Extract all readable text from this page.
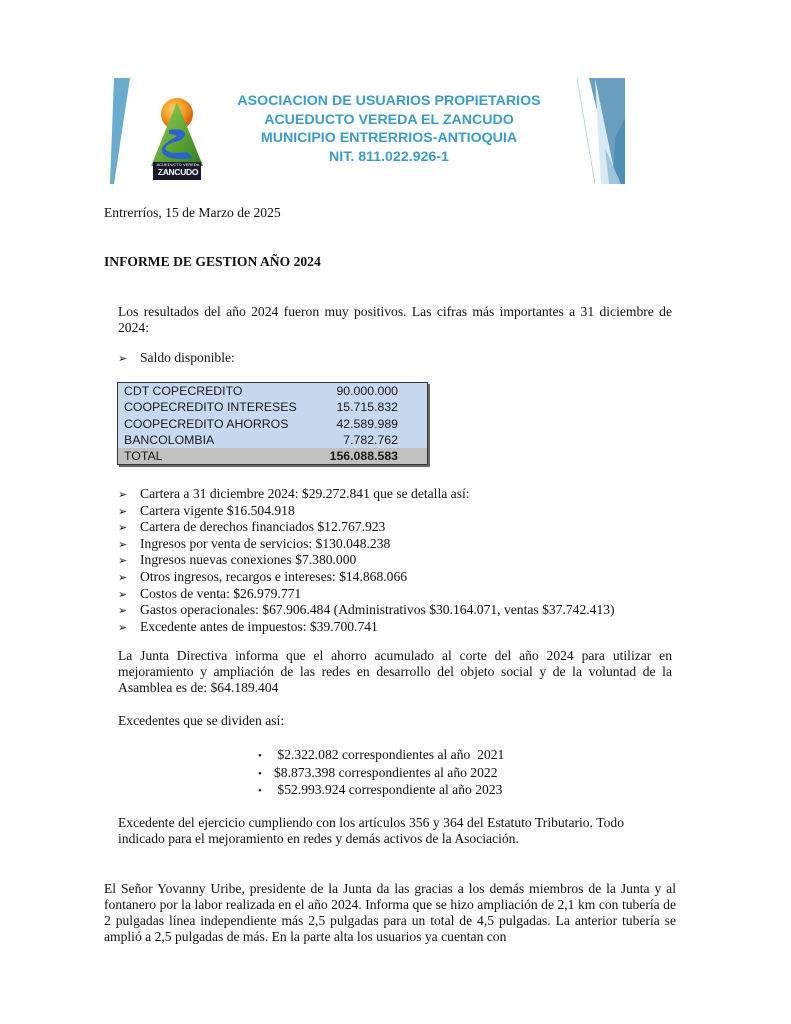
ACUEDUCTO VEREDA
ZANCUDO
ASOCIACION DE USUARIOS PROPIETARIOS
ACUEDUCTO VEREDA EL ZANCUDO
MUNICIPIO ENTRERRIOS-ANTIOQUIA
NIT. 811.022.926-1
Entrerríos, 15 de Marzo de 2025
INFORME DE GESTION AÑO 2024
Los resultados del año 2024 fueron muy positivos. Las cifras más importantes a 31 diciembre de 2024:
➢ Saldo disponible:
CDT COPECREDITO	90.000.000
COOPECREDITO INTERESES	15.715.832
COOPECREDITO AHORROS	42.589.989
BANCOLOMBIA	7.782.762
TOTAL	156.088.583
➢ Cartera a 31 diciembre 2024: $29.272.841 que se detalla así:
➢ Cartera vigente $16.504.918
➢ Cartera de derechos financiados $12.767.923
➢ Ingresos por venta de servicios: $130.048.238
➢ Ingresos nuevas conexiones $7.380.000
➢ Otros ingresos, recargos e intereses: $14.868.066
➢ Costos de venta: $26.979.771
➢ Gastos operacionales: $67.906.484 (Administrativos $30.164.071, ventas $37.742.413)
➢ Excedente antes de impuestos: $39.700.741
La Junta Directiva informa que el ahorro acumulado al corte del año 2024 para utilizar en mejoramiento y ampliación de las redes en desarrollo del objeto social y de la voluntad de la Asamblea es de: $64.189.404
Excedentes que se dividen así:
• $2.322.082 correspondientes al año  2021
• $8.873.398 correspondientes al año 2022
• $52.993.924 correspondiente al año 2023

Excedente del ejercicio cumpliendo con los artículos 356 y 364 del Estatuto Tributario. Todo indicado para el mejoramiento en redes y demás activos de la Asociación.

El Señor Yovanny Uribe, presidente de la Junta da las gracias a los demás miembros de la Junta y al fontanero por la labor realizada en el año 2024. Informa que se hizo ampliación de 2,1 km con tubería de 2 pulgadas línea independiente más 2,5 pulgadas para un total de 4,5 pulgadas. La anterior tubería se amplió a 2,5 pulgadas de más. En la parte alta los usuarios ya cuentan con
